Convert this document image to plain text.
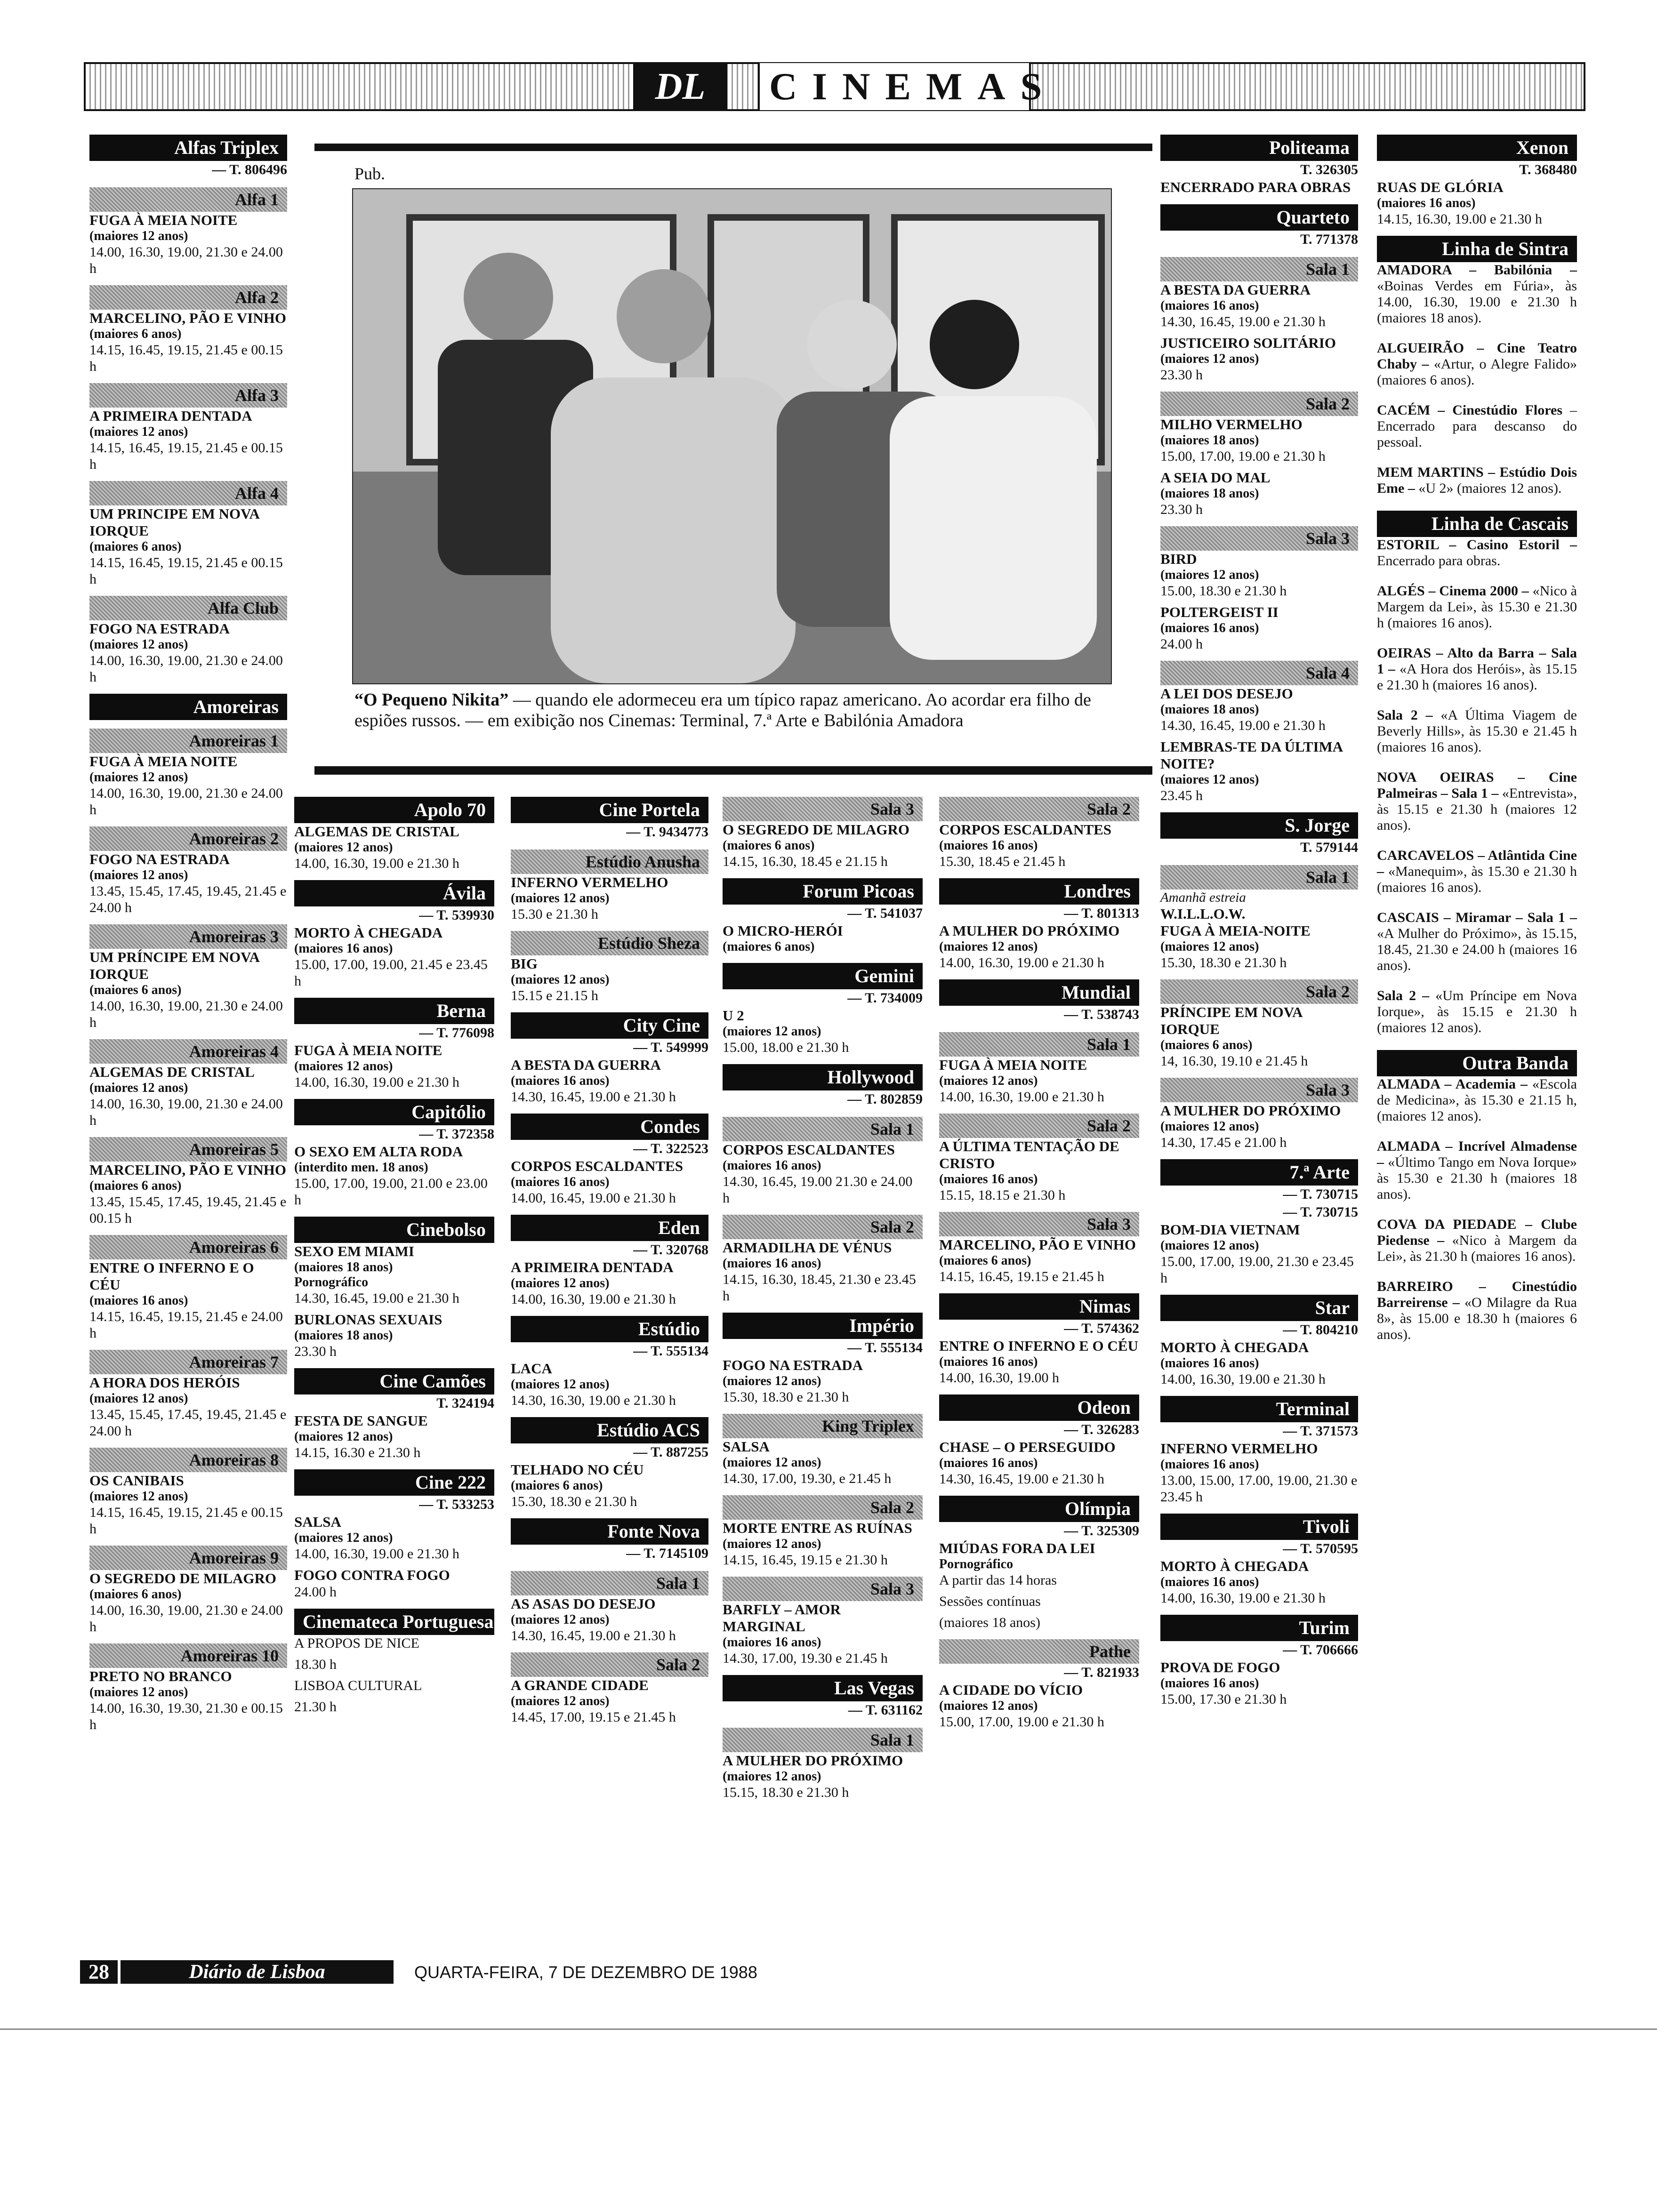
DL	CINEMAS
Alfas Triplex
— T. 806496
Alfa 1
FUGA À MEIA NOITE
(maiores 12 anos)
14.00, 16.30, 19.00, 21.30 e 24.00 h
Alfa 2
MARCELINO, PÃO E VINHO
(maiores 6 anos)
14.15, 16.45, 19.15, 21.45 e 00.15 h
Alfa 3
A PRIMEIRA DENTADA
(maiores 12 anos)
14.15, 16.45, 19.15, 21.45 e 00.15 h
Alfa 4
UM PRINCIPE EM NOVA IORQUE
(maiores 6 anos)
14.15, 16.45, 19.15, 21.45 e 00.15 h
Alfa Club
FOGO NA ESTRADA
(maiores 12 anos)
14.00, 16.30, 19.00, 21.30 e 24.00 h
Amoreiras
Amoreiras 1
FUGA À MEIA NOITE
(maiores 12 anos)
14.00, 16.30, 19.00, 21.30 e 24.00 h
Amoreiras 2
FOGO NA ESTRADA
(maiores 12 anos)
13.45, 15.45, 17.45, 19.45, 21.45 e 24.00 h
Amoreiras 3
UM PRÍNCIPE EM NOVA IORQUE
(maiores 6 anos)
14.00, 16.30, 19.00, 21.30 e 24.00 h
Amoreiras 4
ALGEMAS DE CRISTAL
(maiores 12 anos)
14.00, 16.30, 19.00, 21.30 e 24.00 h
Amoreiras 5
MARCELINO, PÃO E VINHO
(maiores 6 anos)
13.45, 15.45, 17.45, 19.45, 21.45 e 00.15 h
Amoreiras 6
ENTRE O INFERNO E O CÉU
(maiores 16 anos)
14.15, 16.45, 19.15, 21.45 e 24.00 h
Amoreiras 7
A HORA DOS HERÓIS
(maiores 12 anos)
13.45, 15.45, 17.45, 19.45, 21.45 e 24.00 h
Amoreiras 8
OS CANIBAIS
(maiores 12 anos)
14.15, 16.45, 19.15, 21.45 e 00.15 h
Amoreiras 9
O SEGREDO DE MILAGRO
(maiores 6 anos)
14.00, 16.30, 19.00, 21.30 e 24.00 h
Amoreiras 10
PRETO NO BRANCO
(maiores 12 anos)
14.00, 16.30, 19.30, 21.30 e 00.15 h
Apolo 70
ALGEMAS DE CRISTAL
(maiores 12 anos)
14.00, 16.30, 19.00 e 21.30 h
Ávila
— T. 539930
MORTO À CHEGADA
(maiores 16 anos)
15.00, 17.00, 19.00, 21.45 e 23.45 h
Berna
— T. 776098
FUGA À MEIA NOITE
(maiores 12 anos)
14.00, 16.30, 19.00 e 21.30 h
Capitólio
— T. 372358
O SEXO EM ALTA RODA
(interdito men. 18 anos)
15.00, 17.00, 19.00, 21.00 e 23.00 h
Cinebolso
SEXO EM MIAMI
(maiores 18 anos)
Pornográfico
14.30, 16.45, 19.00 e 21.30 h
BURLONAS SEXUAIS
(maiores 18 anos)
23.30 h
Cine Camões
T. 324194
FESTA DE SANGUE
(maiores 12 anos)
14.15, 16.30 e 21.30 h
Cine 222
— T. 533253
SALSA
(maiores 12 anos)
14.00, 16.30, 19.00 e 21.30 h
FOGO CONTRA FOGO
24.00 h
Cinemateca Portuguesa
A PROPOS DE NICE
18.30 h
LISBOA CULTURAL
21.30 h
Cine Portela
— T. 9434773
Estúdio Anusha
INFERNO VERMELHO
(maiores 12 anos)
15.30 e 21.30 h
Estúdio Sheza
BIG
(maiores 12 anos)
15.15 e 21.15 h
City Cine
— T. 549999
A BESTA DA GUERRA
(maiores 16 anos)
14.30, 16.45, 19.00 e 21.30 h
Condes
— T. 322523
CORPOS ESCALDANTES
(maiores 16 anos)
14.00, 16.45, 19.00 e 21.30 h
Eden
— T. 320768
A PRIMEIRA DENTADA
(maiores 12 anos)
14.00, 16.30, 19.00 e 21.30 h
Estúdio
— T. 555134
LACA
(maiores 12 anos)
14.30, 16.30, 19.00 e 21.30 h
Estúdio ACS
— T. 887255
TELHADO NO CÉU
(maiores 6 anos)
15.30, 18.30 e 21.30 h
Fonte Nova
— T. 7145109
Sala 1
AS ASAS DO DESEJO
(maiores 12 anos)
14.30, 16.45, 19.00 e 21.30 h
Sala 2
A GRANDE CIDADE
(maiores 12 anos)
14.45, 17.00, 19.15 e 21.45 h
Sala 3
O SEGREDO DE MILAGRO
(maiores 6 anos)
14.15, 16.30, 18.45 e 21.15 h
Forum Picoas
— T. 541037
O MICRO-HERÓI
(maiores 6 anos)
Gemini
— T. 734009
U 2
(maiores 12 anos)
15.00, 18.00 e 21.30 h
Hollywood
— T. 802859
Sala 1
CORPOS ESCALDANTES
(maiores 16 anos)
14.30, 16.45, 19.00 21.30 e 24.00 h
Sala 2
ARMADILHA DE VÉNUS
(maiores 16 anos)
14.15, 16.30, 18.45, 21.30 e 23.45 h
Império
— T. 555134
FOGO NA ESTRADA
(maiores 12 anos)
15.30, 18.30 e 21.30 h
King Triplex
SALSA
(maiores 12 anos)
14.30, 17.00, 19.30, e 21.45 h
Sala 2
MORTE ENTRE AS RUÍNAS
(maiores 12 anos)
14.15, 16.45, 19.15 e 21.30 h
Sala 3
BARFLY – AMOR MARGINAL
(maiores 16 anos)
14.30, 17.00, 19.30 e 21.45 h
Las Vegas
— T. 631162
Sala 1
A MULHER DO PRÓXIMO
(maiores 12 anos)
15.15, 18.30 e 21.30 h
Sala 2
CORPOS ESCALDANTES
(maiores 16 anos)
15.30, 18.45 e 21.45 h
Londres
— T. 801313
A MULHER DO PRÓXIMO
(maiores 12 anos)
14.00, 16.30, 19.00 e 21.30 h
Mundial
— T. 538743
Sala 1
FUGA À MEIA NOITE
(maiores 12 anos)
14.00, 16.30, 19.00 e 21.30 h
Sala 2
A ÚLTIMA TENTAÇÃO DE CRISTO
(maiores 16 anos)
15.15, 18.15 e 21.30 h
Sala 3
MARCELINO, PÃO E VINHO
(maiores 6 anos)
14.15, 16.45, 19.15 e 21.45 h
Nimas
— T. 574362
ENTRE O INFERNO E O CÉU
(maiores 16 anos)
14.00, 16.30, 19.00 h
Odeon
— T. 326283
CHASE – O PERSEGUIDO
(maiores 16 anos)
14.30, 16.45, 19.00 e 21.30 h
Olímpia
— T. 325309
MIÚDAS FORA DA LEI
Pornográfico
A partir das 14 horas
Sessões contínuas
(maiores 18 anos)
Pathe
— T. 821933
A CIDADE DO VÍCIO
(maiores 12 anos)
15.00, 17.00, 19.00 e 21.30 h
Politeama
T. 326305
ENCERRADO PARA OBRAS
Quarteto
T. 771378
Sala 1
A BESTA DA GUERRA
(maiores 16 anos)
14.30, 16.45, 19.00 e 21.30 h
JUSTICEIRO SOLITÁRIO
(maiores 12 anos)
23.30 h
Sala 2
MILHO VERMELHO
(maiores 18 anos)
15.00, 17.00, 19.00 e 21.30 h
A SEIA DO MAL
(maiores 18 anos)
23.30 h
Sala 3
BIRD
(maiores 12 anos)
15.00, 18.30 e 21.30 h
POLTERGEIST II
(maiores 16 anos)
24.00 h
Sala 4
A LEI DOS DESEJO
(maiores 18 anos)
14.30, 16.45, 19.00 e 21.30 h
LEMBRAS-TE DA ÚLTIMA NOITE?
(maiores 12 anos)
23.45 h
S. Jorge
T. 579144
Sala 1
Amanhã estreia
W.I.L.L.O.W.
FUGA À MEIA-NOITE
(maiores 12 anos)
15.30, 18.30 e 21.30 h
Sala 2
PRÍNCIPE EM NOVA IORQUE
(maiores 6 anos)
14, 16.30, 19.10 e 21.45 h
Sala 3
A MULHER DO PRÓXIMO
(maiores 12 anos)
14.30, 17.45 e 21.00 h
7.ª Arte
— T. 730715
— T. 730715
BOM-DIA VIETNAM
(maiores 12 anos)
15.00, 17.00, 19.00, 21.30 e 23.45 h
Star
— T. 804210
MORTO À CHEGADA
(maiores 16 anos)
14.00, 16.30, 19.00 e 21.30 h
Terminal
— T. 371573
INFERNO VERMELHO
(maiores 16 anos)
13.00, 15.00, 17.00, 19.00, 21.30 e 23.45 h
Tivoli
— T. 570595
MORTO À CHEGADA
(maiores 16 anos)
14.00, 16.30, 19.00 e 21.30 h
Turim
— T. 706666
PROVA DE FOGO
(maiores 16 anos)
15.00, 17.30 e 21.30 h
Xenon
T. 368480
RUAS DE GLÓRIA
(maiores 16 anos)
14.15, 16.30, 19.00 e 21.30 h
Linha de Sintra
AMADORA – Babilónia – «Boinas Verdes em Fúria», às 14.00, 16.30, 19.00 e 21.30 h (maiores 18 anos).
ALGUEIRÃO – Cine Teatro Chaby – «Artur, o Alegre Falido» (maiores 6 anos).
CACÉM – Cinestúdio Flores – Encerrado para descanso do pessoal.
MEM MARTINS – Estúdio Dois Eme – «U 2» (maiores 12 anos).
Linha de Cascais
ESTORIL – Casino Estoril – Encerrado para obras.
ALGÉS – Cinema 2000 – «Nico à Margem da Lei», às 15.30 e 21.30 h (maiores 16 anos).
OEIRAS – Alto da Barra – Sala 1 – «A Hora dos Heróis», às 15.15 e 21.30 h (maiores 16 anos).
Sala 2 – «A Última Viagem de Beverly Hills», às 15.30 e 21.45 h (maiores 16 anos).
NOVA OEIRAS – Cine Palmeiras – Sala 1 – «Entrevista», às 15.15 e 21.30 h (maiores 12 anos).
CARCAVELOS – Atlântida Cine – «Manequim», às 15.30 e 21.30 h (maiores 16 anos).
CASCAIS – Miramar – Sala 1 – «A Mulher do Próximo», às 15.15, 18.45, 21.30 e 24.00 h (maiores 16 anos).
Sala 2 – «Um Príncipe em Nova Iorque», às 15.15 e 21.30 h (maiores 12 anos).
Outra Banda
ALMADA – Academia – «Escola de Medicina», às 15.30 e 21.15 h, (maiores 12 anos).
ALMADA – Incrível Almadense – «Último Tango em Nova Iorque» às 15.30 e 21.30 h (maiores 18 anos).
COVA DA PIEDADE – Clube Piedense – «Nico à Margem da Lei», às 21.30 h (maiores 16 anos).
BARREIRO – Cinestúdio Barreirense – «O Milagre da Rua 8», às 15.00 e 18.30 h (maiores 6 anos).
Pub.
“O Pequeno Nikita” — quando ele adormeceu era um típico rapaz americano. Ao acordar era filho de espiões russos. — em exibição nos Cinemas: Terminal, 7.ª Arte e Babilónia Amadora
28	Diário de Lisboa	QUARTA-FEIRA, 7 DE DEZEMBRO DE 1988
